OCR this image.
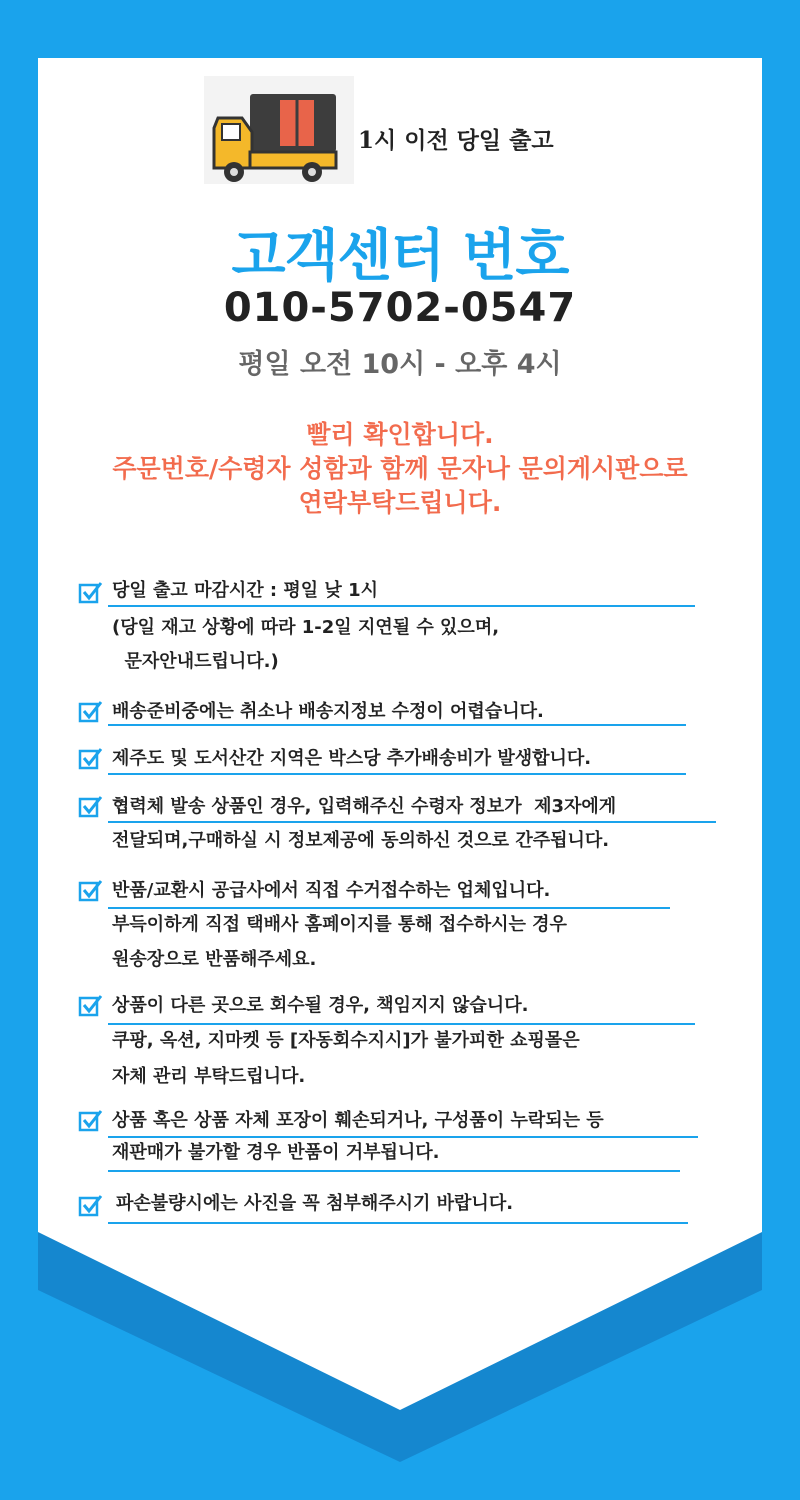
1시 이전 당일 출고
고객센터 번호
010-5702-0547
평일 오전 10시 - 오후 4시
빨리 확인합니다.
주문번호/수령자 성함과 함께 문자나 문의게시판으로
연락부탁드립니다.
당일 출고 마감시간 : 평일 낮 1시
(당일 재고 상황에 따라 1-2일 지연될 수 있으며,
문자안내드립니다.)
배송준비중에는 취소나 배송지정보 수정이 어렵습니다.
제주도 및 도서산간 지역은 박스당 추가배송비가 발생합니다.
협력체 발송 상품인 경우, 입력해주신 수령자 정보가  제3자에게
전달되며,구매하실 시 정보제공에 동의하신 것으로 간주됩니다.
반품/교환시 공급사에서 직접 수거접수하는 업체입니다.
부득이하게 직접 택배사 홈페이지를 통해 접수하시는 경우
원송장으로 반품해주세요.
상품이 다른 곳으로 회수될 경우, 책임지지 않습니다.
쿠팡, 옥션, 지마켓 등 [자동회수지시]가 불가피한 쇼핑몰은
자체 관리 부탁드립니다.
상품 혹은 상품 자체 포장이 훼손되거나, 구성품이 누락되는 등
재판매가 불가할 경우 반품이 거부됩니다.
파손불량시에는 사진을 꼭 첨부해주시기 바랍니다.
